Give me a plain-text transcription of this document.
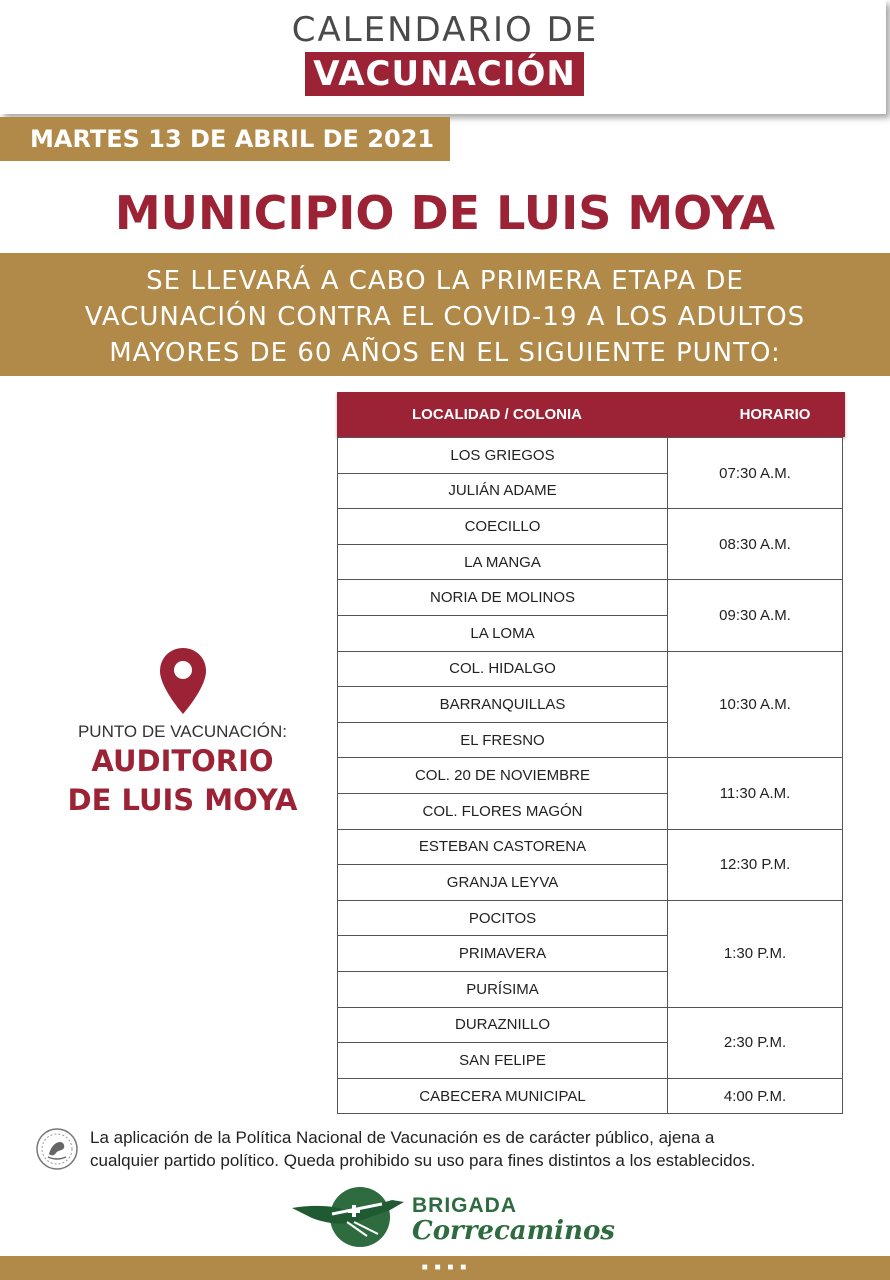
CALENDARIO DE
VACUNACIÓN
MARTES 13 DE ABRIL DE 2021
MUNICIPIO DE LUIS MOYA
SE LLEVARÁ A CABO LA PRIMERA ETAPA DE
VACUNACIÓN CONTRA EL COVID-19 A LOS ADULTOS
MAYORES DE 60 AÑOS EN EL SIGUIENTE PUNTO:
PUNTO DE VACUNACIÓN:
AUDITORIO
DE LUIS MOYA
LOCALIDAD / COLONIA	HORARIO
LOS GRIEGOS
JULIÁN ADAME
07:30 A.M.
COECILLO
LA MANGA
08:30 A.M.
NORIA DE MOLINOS
LA LOMA
09:30 A.M.
COL. HIDALGO
BARRANQUILLAS
EL FRESNO
10:30 A.M.
COL. 20 DE NOVIEMBRE
COL. FLORES MAGÓN
11:30 A.M.
ESTEBAN CASTORENA
GRANJA LEYVA
12:30 P.M.
POCITOS
PRIMAVERA
PURÍSIMA
1:30 P.M.
DURAZNILLO
SAN FELIPE
2:30 P.M.
CABECERA MUNICIPAL	4:00 P.M.
La aplicación de la Política Nacional de Vacunación es de carácter público, ajena a
cualquier partido político. Queda prohibido su uso para fines distintos a los establecidos.
BRIGADA
Correcaminos
■ ■ ■ ■
